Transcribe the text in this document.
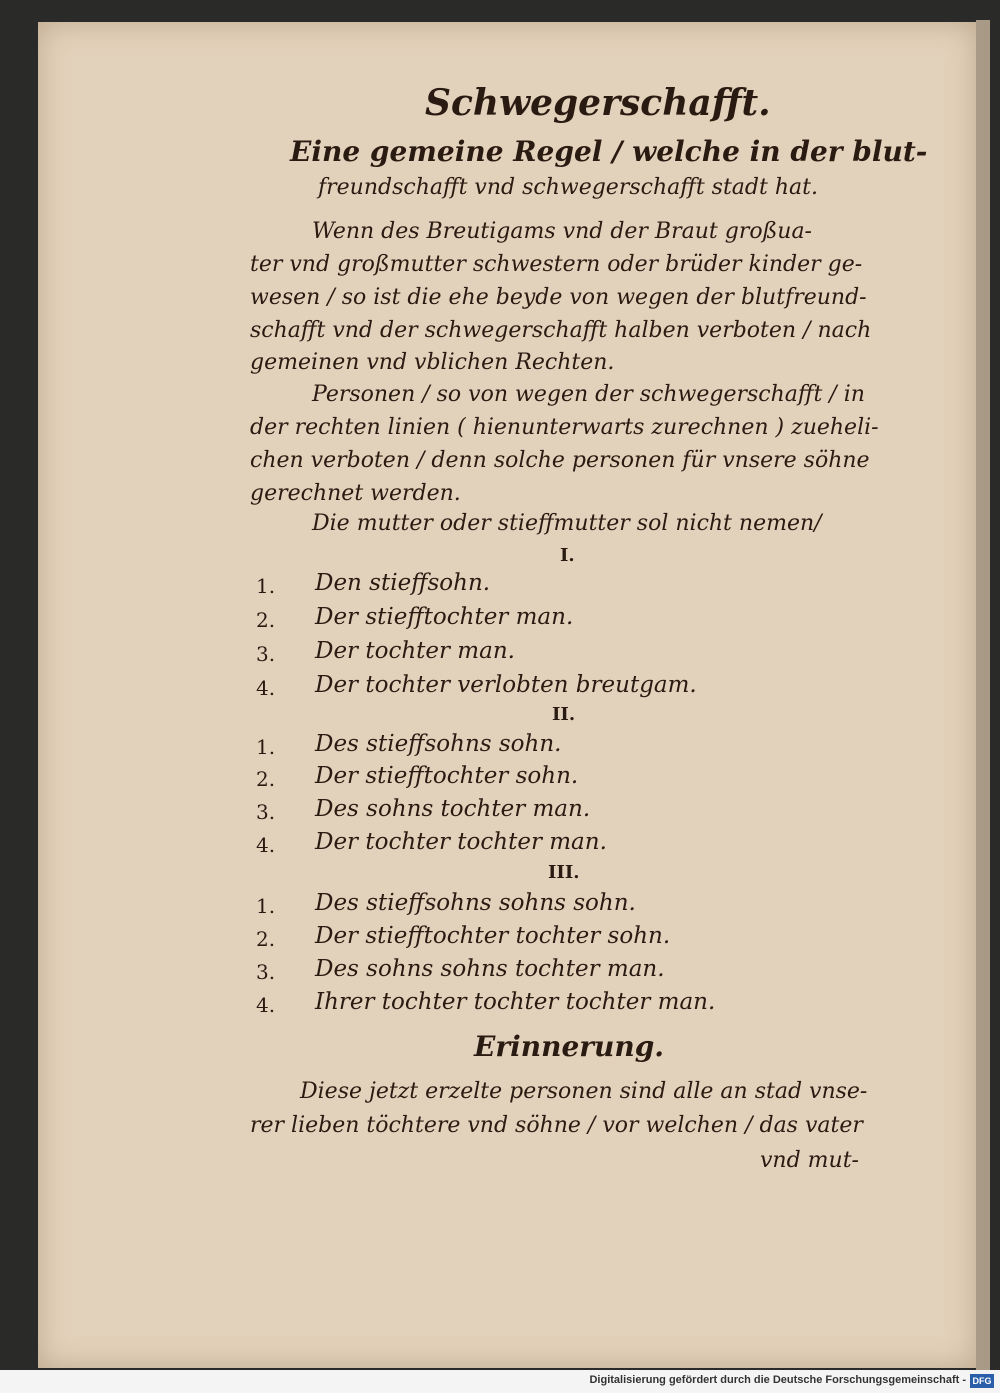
Schwegerschafft.
Eine gemeine Regel / welche in der blut-
freundschafft vnd schwegerschafft stadt hat.
Wenn des Breutigams vnd der Braut großua-
ter vnd großmutter schwestern oder brüder kinder ge-
wesen / so ist die ehe beyde von wegen der blutfreund-
schafft vnd der schwegerschafft halben verboten / nach
gemeinen vnd vblichen Rechten.
Personen / so von wegen der schwegerschafft / in
der rechten linien ( hienunterwarts zurechnen ) zueheli-
chen verboten / denn solche personen für vnsere söhne
gerechnet werden.
Die mutter oder stieffmutter sol nicht nemen/
I.
1. Den stieffsohn.
2. Der stiefftochter man.
3. Der tochter man.
4. Der tochter verlobten breutgam.
II.
1. Des stieffsohns sohn.
2. Der stiefftochter sohn.
3. Des sohns tochter man.
4. Der tochter tochter man.
III.
1. Des stieffsohns sohns sohn.
2. Der stiefftochter tochter sohn.
3. Des sohns sohns tochter man.
4. Ihrer tochter tochter tochter man.
Erinnerung.
Diese jetzt erzelte personen sind alle an stad vnse-
rer lieben töchtere vnd söhne / vor welchen / das vater
vnd mut-
Digitalisierung gefördert durch die Deutsche Forschungsgemeinschaft - DFG
